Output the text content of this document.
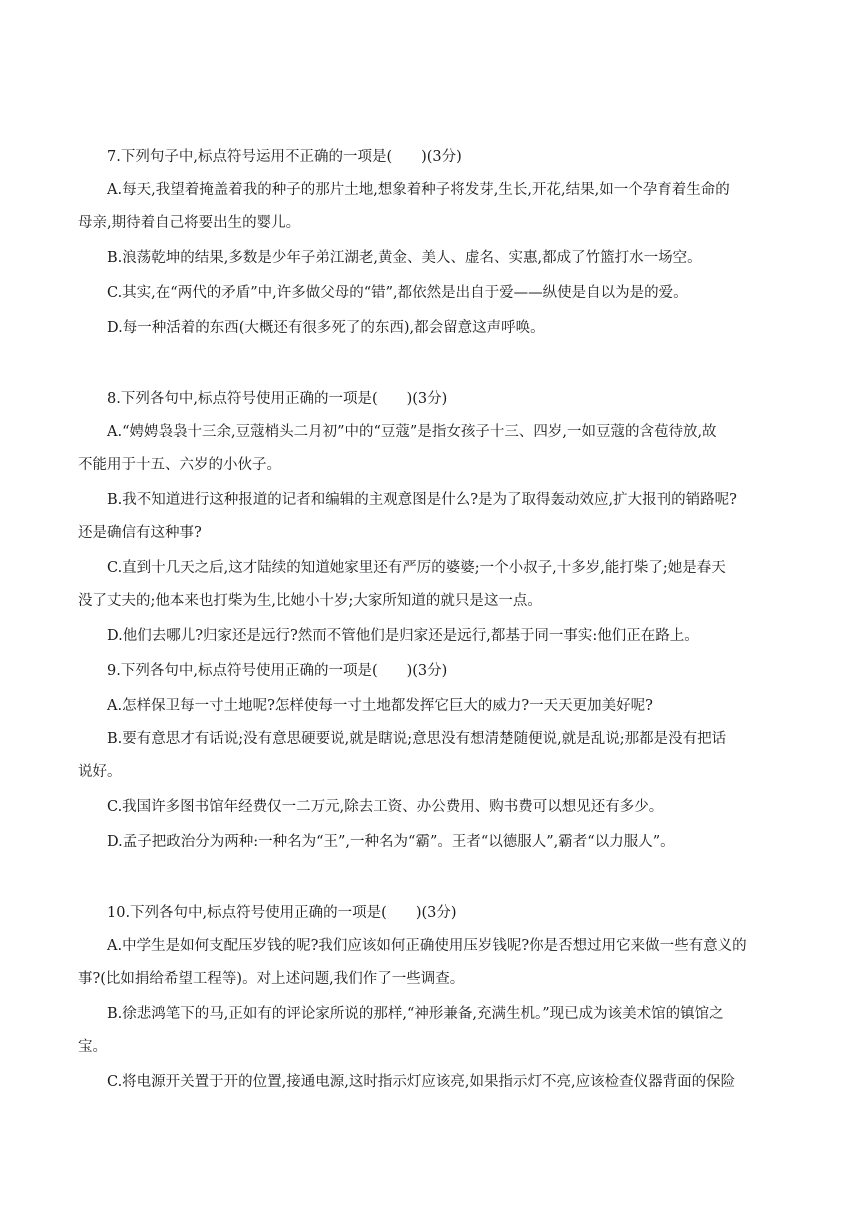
7.下列句子中,标点符号运用不正确的一项是(　　)(3分)
A.每天,我望着掩盖着我的种子的那片土地,想象着种子将发芽,生长,开花,结果,如一个孕育着生命的
母亲,期待着自己将要出生的婴儿。
B.浪荡乾坤的结果,多数是少年子弟江湖老,黄金、美人、虚名、实惠,都成了竹篮打水一场空。
C.其实,在“两代的矛盾”中,许多做父母的“错”,都依然是出自于爱——纵使是自以为是的爱。
D.每一种活着的东西(大概还有很多死了的东西),都会留意这声呼唤。
8.下列各句中,标点符号使用正确的一项是(　　)(3分)
A.“娉娉袅袅十三余,豆蔻梢头二月初”中的“豆蔻”是指女孩子十三、四岁,一如豆蔻的含苞待放,故
不能用于十五、六岁的小伙子。
B.我不知道进行这种报道的记者和编辑的主观意图是什么?是为了取得轰动效应,扩大报刊的销路呢?
还是确信有这种事?
C.直到十几天之后,这才陆续的知道她家里还有严厉的婆婆;一个小叔子,十多岁,能打柴了;她是春天
没了丈夫的;他本来也打柴为生,比她小十岁;大家所知道的就只是这一点。
D.他们去哪儿?归家还是远行?然而不管他们是归家还是远行,都基于同一事实:他们正在路上。
9.下列各句中,标点符号使用正确的一项是(　　)(3分)
A.怎样保卫每一寸土地呢?怎样使每一寸土地都发挥它巨大的威力?一天天更加美好呢?
B.要有意思才有话说;没有意思硬要说,就是瞎说;意思没有想清楚随便说,就是乱说;那都是没有把话
说好。
C.我国许多图书馆年经费仅一二万元,除去工资、办公费用、购书费可以想见还有多少。
D.孟子把政治分为两种:一种名为“王”,一种名为“霸”。王者“以德服人”,霸者“以力服人”。
10.下列各句中,标点符号使用正确的一项是(　　)(3分)
A.中学生是如何支配压岁钱的呢?我们应该如何正确使用压岁钱呢?你是否想过用它来做一些有意义的
事?(比如捐给希望工程等)。对上述问题,我们作了一些调查。
B.徐悲鸿笔下的马,正如有的评论家所说的那样,“神形兼备,充满生机。”现已成为该美术馆的镇馆之
宝。
C.将电源开关置于开的位置,接通电源,这时指示灯应该亮,如果指示灯不亮,应该检查仪器背面的保险
